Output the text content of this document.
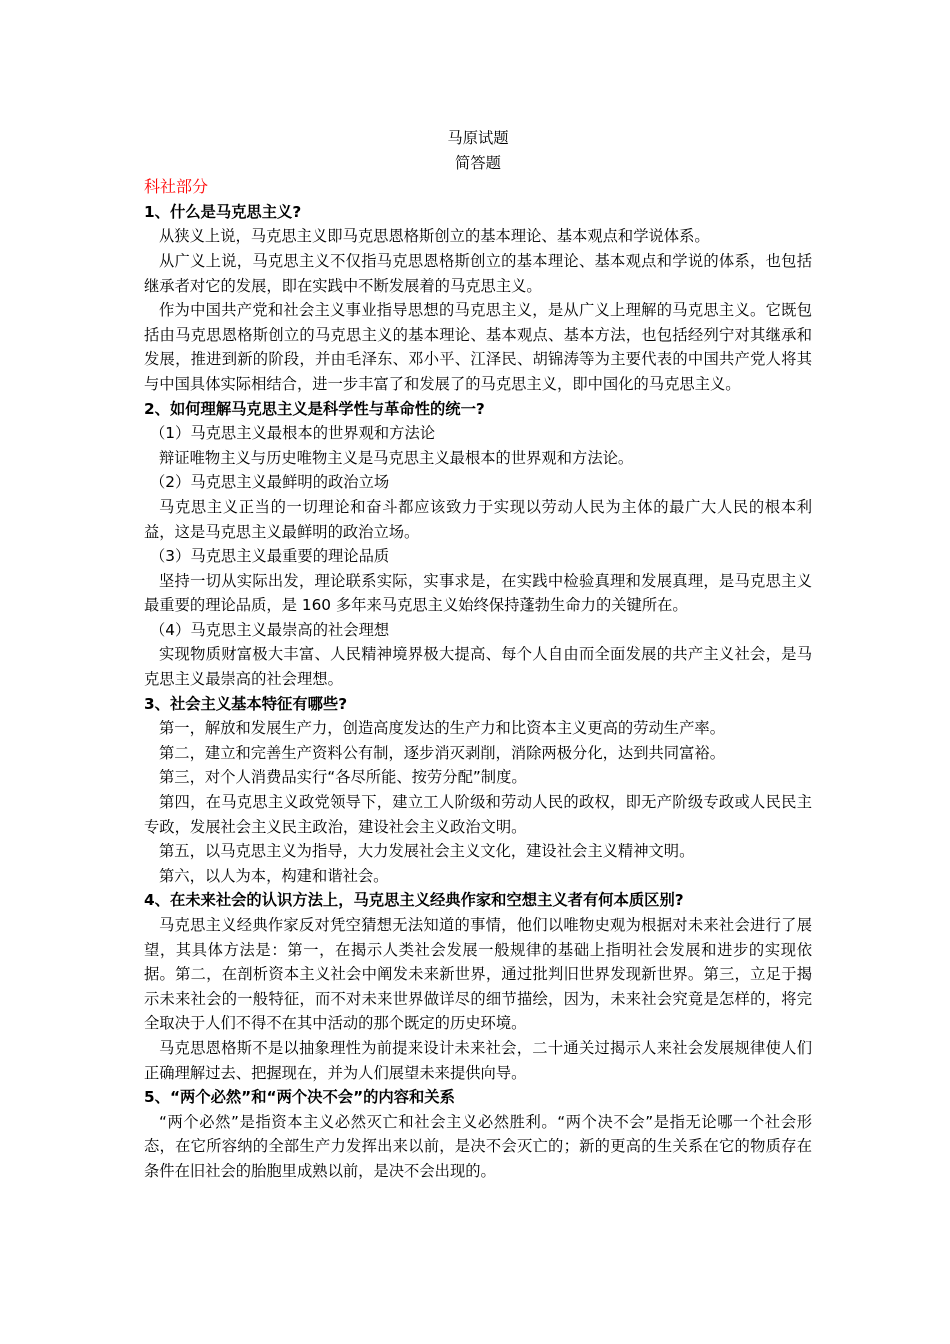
马原试题
简答题
科社部分
1、什么是马克思主义?

从狭义上说，马克思主义即马克思恩格斯创立的基本理论、基本观点和学说体系。

从广义上说，马克思主义不仅指马克思恩格斯创立的基本理论、基本观点和学说的体系，也包括继承者对它的发展，即在实践中不断发展着的马克思主义。

作为中国共产党和社会主义事业指导思想的马克思主义，是从广义上理解的马克思主义。它既包括由马克思恩格斯创立的马克思主义的基本理论、基本观点、基本方法，也包括经列宁对其继承和发展，推进到新的阶段，并由毛泽东、邓小平、江泽民、胡锦涛等为主要代表的中国共产党人将其与中国具体实际相结合，进一步丰富了和发展了的马克思主义，即中国化的马克思主义。

2、如何理解马克思主义是科学性与革命性的统一?

（1）马克思主义最根本的世界观和方法论

辩证唯物主义与历史唯物主义是马克思主义最根本的世界观和方法论。

（2）马克思主义最鲜明的政治立场

马克思主义正当的一切理论和奋斗都应该致力于实现以劳动人民为主体的最广大人民的根本利益，这是马克思主义最鲜明的政治立场。

（3）马克思主义最重要的理论品质

坚持一切从实际出发，理论联系实际，实事求是，在实践中检验真理和发展真理，是马克思主义最重要的理论品质，是 160 多年来马克思主义始终保持蓬勃生命力的关键所在。

（4）马克思主义最崇高的社会理想

实现物质财富极大丰富、人民精神境界极大提高、每个人自由而全面发展的共产主义社会，是马克思主义最崇高的社会理想。

3、社会主义基本特征有哪些?

第一，解放和发展生产力，创造高度发达的生产力和比资本主义更高的劳动生产率。

第二，建立和完善生产资料公有制，逐步消灭剥削，消除两极分化，达到共同富裕。

第三，对个人消费品实行“各尽所能、按劳分配”制度。

第四，在马克思主义政党领导下，建立工人阶级和劳动人民的政权，即无产阶级专政或人民民主专政，发展社会主义民主政治，建设社会主义政治文明。

第五，以马克思主义为指导，大力发展社会主义文化，建设社会主义精神文明。

第六，以人为本，构建和谐社会。

4、在未来社会的认识方法上，马克思主义经典作家和空想主义者有何本质区别?

马克思主义经典作家反对凭空猜想无法知道的事情，他们以唯物史观为根据对未来社会进行了展望，其具体方法是：第一，在揭示人类社会发展一般规律的基础上指明社会发展和进步的实现依据。第二，在剖析资本主义社会中阐发未来新世界，通过批判旧世界发现新世界。第三，立足于揭示未来社会的一般特征，而不对未来世界做详尽的细节描绘，因为，未来社会究竟是怎样的，将完全取决于人们不得不在其中活动的那个既定的历史环境。

马克思恩格斯不是以抽象理性为前提来设计未来社会，二十通关过揭示人来社会发展规律使人们正确理解过去、把握现在，并为人们展望未来提供向导。

5、“两个必然”和“两个决不会”的内容和关系

“两个必然”是指资本主义必然灭亡和社会主义必然胜利。“两个决不会”是指无论哪一个社会形态，在它所容纳的全部生产力发挥出来以前，是决不会灭亡的；新的更高的生关系在它的物质存在条件在旧社会的胎胞里成熟以前，是决不会出现的。
